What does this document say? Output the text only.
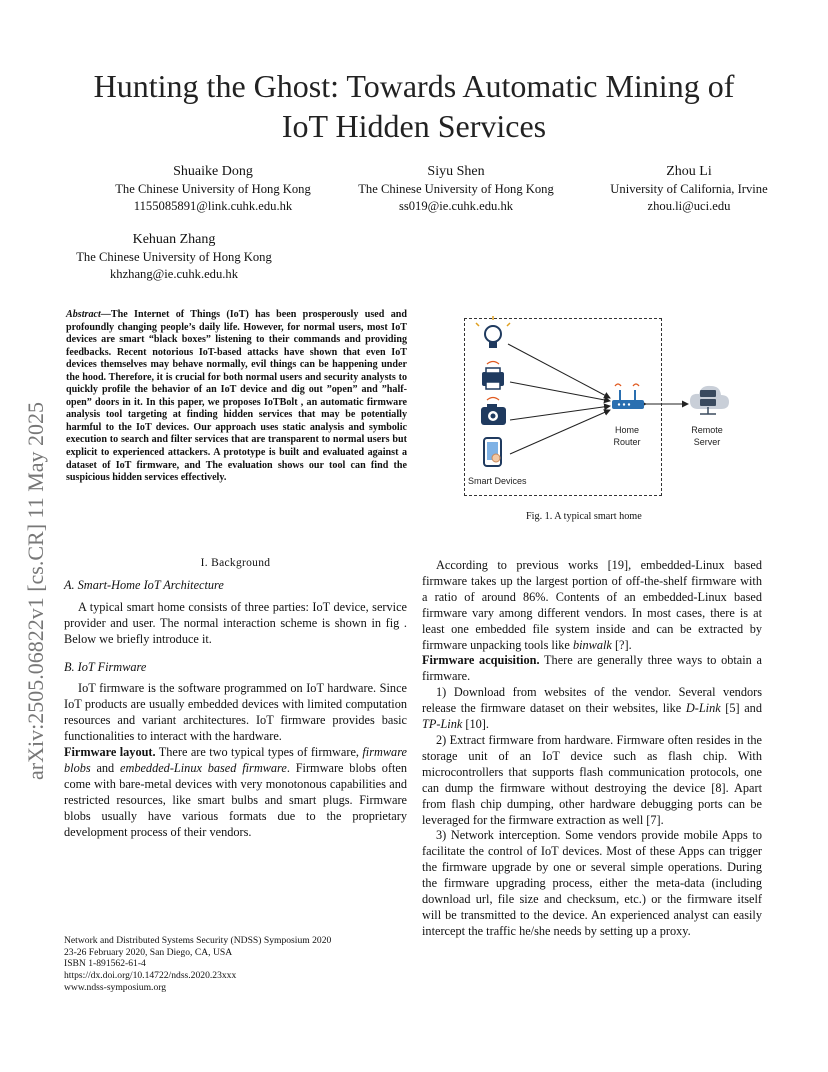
Hunting the Ghost: Towards Automatic Mining of
IoT Hidden Services
Shuaike Dong
The Chinese University of Hong Kong
1155085891@link.cuhk.edu.hk
Siyu Shen
The Chinese University of Hong Kong
ss019@ie.cuhk.edu.hk
Zhou Li
University of California, Irvine
zhou.li@uci.edu
Kehuan Zhang
The Chinese University of Hong Kong
khzhang@ie.cuhk.edu.hk
arXiv:2505.06822v1 [cs.CR] 11 May 2025
Abstract—The Internet of Things (IoT) has been prosperously used and profoundly changing people’s daily life. However, for normal users, most IoT devices are smart “black boxes” listening to their commands and providing feedbacks. Recent notorious IoT-based attacks have shown that even IoT devices themselves may behave normally, evil things can be happening under the hood. Therefore, it is crucial for both normal users and security analysts to quickly profile the behavior of an IoT device and dig out ”open” and ”half-open” doors in it. In this paper, we proposes IoTBolt , an automatic firmware analysis tool targeting at finding hidden services that may be potentially harmful to the IoT devices. Our approach uses static analysis and symbolic execution to search and filter services that are transparent to normal users but explicit to experienced attackers. A prototype is built and evaluated against a dataset of IoT firmware, and The evaluation shows our tool can find the suspicious hidden services effectively.	Smart Devices
Home Router
Remote Server
Fig. 1. A typical smart home
I. Background
A. Smart-Home IoT Architecture

A typical smart home consists of three parties: IoT device, service provider and user. The normal interaction scheme is shown in fig . Below we briefly introduce it.

B. IoT Firmware

IoT firmware is the software programmed on IoT hardware. Since IoT products are usually embedded devices with limited computation resources and variant architectures. IoT firmware provides basic functionalities to interact with the hardware.

Firmware layout. There are two typical types of firmware, firmware blobs and embedded-Linux based firmware. Firmware blobs often come with bare-metal devices with very monotonous capabilities and restricted resources, like smart bulbs and smart plugs. Firmware blobs usually have various formats due to the proprietary development process of their vendors.

Network and Distributed Systems Security (NDSS) Symposium 2020
23-26 February 2020, San Diego, CA, USA
ISBN 1-891562-61-4
https://dx.doi.org/10.14722/ndss.2020.23xxx
www.ndss-symposium.org

According to previous works [19], embedded-Linux based firmware takes up the largest portion of off-the-shelf firmware with a ratio of around 86%. Contents of an embedded-Linux based firmware vary among different vendors. In most cases, there is at least one embedded file system inside and can be extracted by firmware unpacking tools like binwalk [?].

Firmware acquisition. There are generally three ways to obtain a firmware.

1) Download from websites of the vendor. Several vendors release the firmware dataset on their websites, like D-Link [5] and TP-Link [10].

2) Extract firmware from hardware. Firmware often resides in the storage unit of an IoT device such as flash chip. With microcontrollers that supports flash communication protocols, one can dump the firmware without destroying the device [8]. Apart from flash chip dumping, other hardware debugging ports can be leveraged for the firmware extraction as well [7].

3) Network interception. Some vendors provide mobile Apps to facilitate the control of IoT devices. Most of these Apps can trigger the firmware upgrade by one or several simple operations. During the firmware upgrading process, either the meta-data (including download url, file size and checksum, etc.) or the firmware itself will be transmitted to the device. An experienced analyst can easily intercept the traffic he/she needs by setting up a proxy.
